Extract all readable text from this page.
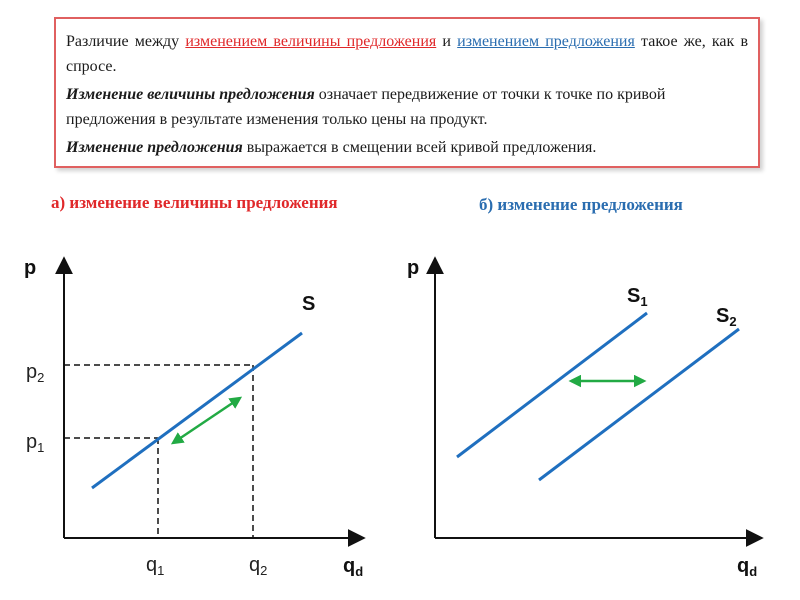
Различие между изменением величины предложения и изменением предложения такое же, как в спросе.

Изменение величины предложения означает передвижение от точки к точке по кривой предложения в результате изменения только цены на продукт.

Изменение предложения выражается в смещении всей кривой предложения.

а) изменение величины предложения	б) изменение предложения
p
$q_d$
S
$p_2$
$p_1$
$q_1$	$q_2$
p
$q_d$
$S_1$
$S_2$
